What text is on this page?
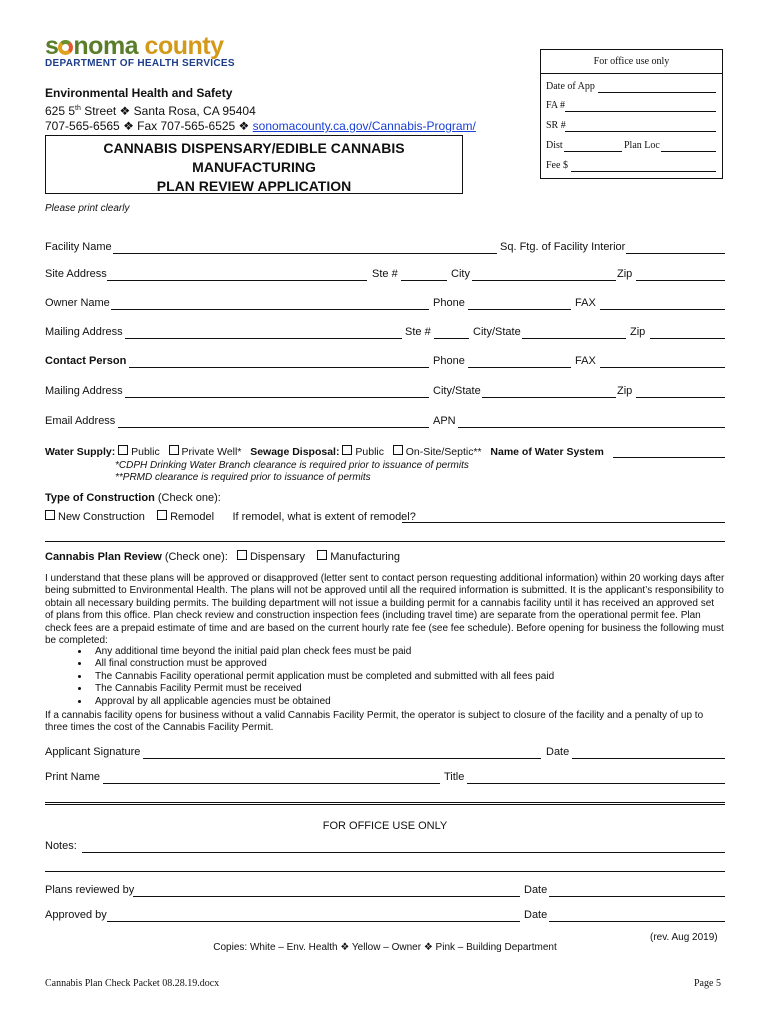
s noma county
DEPARTMENT OF HEALTH SERVICES
Environmental Health and Safety
625 5th Street ❖ Santa Rosa, CA 95404
707-565-6565 ❖ Fax 707-565-6525 ❖ sonomacounty.ca.gov/Cannabis-Program/
For office use only
Date of App
FA #
SR #
Dist	Plan Loc
Fee $
CANNABIS DISPENSARY/EDIBLE CANNABIS
MANUFACTURING
PLAN REVIEW APPLICATION
Please print clearly
Facility Name	Sq. Ftg. of Facility Interior
Site Address	Ste #	City	Zip
Owner Name	Phone	FAX
Mailing Address	Ste #	City/State	Zip
Contact Person	Phone	FAX
Mailing Address	City/State	Zip
Email Address	APN
Water Supply: Public Private Well* Sewage Disposal: Public On-Site/Septic** Name of Water System
*CDPH Drinking Water Branch clearance is required prior to issuance of permits
**PRMD clearance is required prior to issuance of permits
Type of Construction (Check one):
New Construction Remodel If remodel, what is extent of remodel?
Cannabis Plan Review (Check one): Dispensary Manufacturing
I understand that these plans will be approved or disapproved (letter sent to contact person requesting additional information) within 20 working days after being submitted to Environmental Health. The plans will not be approved until all the required information is submitted. It is the applicant’s responsibility to obtain all necessary building permits. The building department will not issue a building permit for a cannabis facility until it has received an approved set of plans from this office. Plan check review and construction inspection fees (including travel time) are separate from the operational permit fee. Plan check fees are a prepaid estimate of time and are based on the current hourly rate fee (see fee schedule). Before opening for business the following must be completed:
• Any additional time beyond the initial paid plan check fees must be paid
• All final construction must be approved
• The Cannabis Facility operational permit application must be completed and submitted with all fees paid
• The Cannabis Facility Permit must be received
• Approval by all applicable agencies must be obtained
If a cannabis facility opens for business without a valid Cannabis Facility Permit, the operator is subject to closure of the facility and a penalty of up to three times the cost of the Cannabis Facility Permit.
Applicant Signature	Date
Print Name	Title
FOR OFFICE USE ONLY
Notes:
Plans reviewed by	Date
Approved by	Date
(rev. Aug 2019)
Copies: White – Env. Health ❖ Yellow – Owner ❖ Pink – Building Department
Cannabis Plan Check Packet 08.28.19.docx	Page 5
